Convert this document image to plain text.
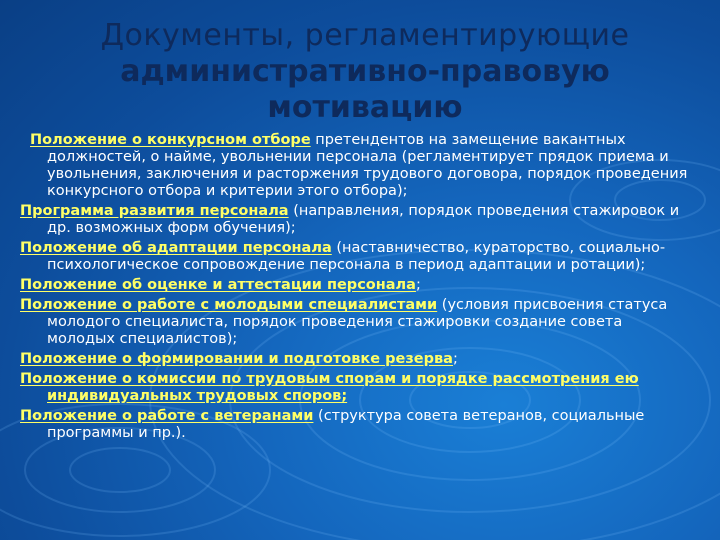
Документы, регламентирующие
административно-правовую
мотивацию
Положение о конкурсном отборе претендентов на замещение вакантных должностей, о найме, увольнении персонала (регламентирует прядок приема и увольнения, заключения и расторжения трудового договора, порядок проведения конкурсного отбора и критерии этого отбора);
Программа развития персонала (направления, порядок проведения стажировок и др. возможных форм обучения);
Положение об адаптации персонала (наставничество, кураторство, социально-психологическое сопровождение персонала в период адаптации и ротации);
Положение об оценке и аттестации персонала;
Положение о работе с молодыми специалистами (условия присвоения статуса молодого специалиста, порядок проведения стажировки создание совета молодых специалистов);
Положение о формировании и подготовке резерва;
Положение о комиссии по трудовым спорам и порядке рассмотрения ею индивидуальных трудовых споров;
Положение о работе с ветеранами (структура совета ветеранов, социальные программы и пр.).
